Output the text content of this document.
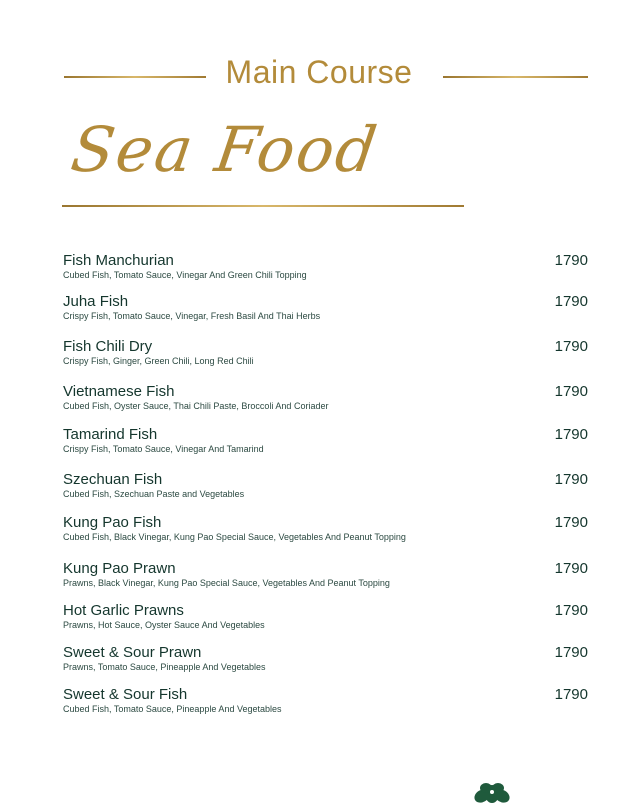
Main Course
Sea Food
Fish Manchurian
Cubed Fish, Tomato Sauce, Vinegar And Green Chili Topping
1790
Juha Fish
Crispy Fish, Tomato Sauce, Vinegar, Fresh Basil And Thai Herbs
1790
Fish Chili Dry
Crispy Fish, Ginger, Green Chili, Long Red Chili
1790
Vietnamese Fish
Cubed Fish, Oyster Sauce, Thai Chili Paste, Broccoli And Coriader
1790
Tamarind Fish
Crispy Fish, Tomato Sauce, Vinegar And Tamarind
1790
Szechuan Fish
Cubed Fish, Szechuan Paste and Vegetables
1790
Kung Pao Fish
Cubed Fish, Black Vinegar, Kung Pao Special Sauce, Vegetables And Peanut Topping
1790
Kung Pao Prawn
Prawns, Black Vinegar, Kung Pao Special Sauce, Vegetables And Peanut Topping
1790
Hot Garlic Prawns
Prawns, Hot Sauce, Oyster Sauce And Vegetables
1790
Sweet & Sour Prawn
Prawns, Tomato Sauce, Pineapple And Vegetables
1790
Sweet & Sour Fish
Cubed Fish, Tomato Sauce, Pineapple And Vegetables
1790
